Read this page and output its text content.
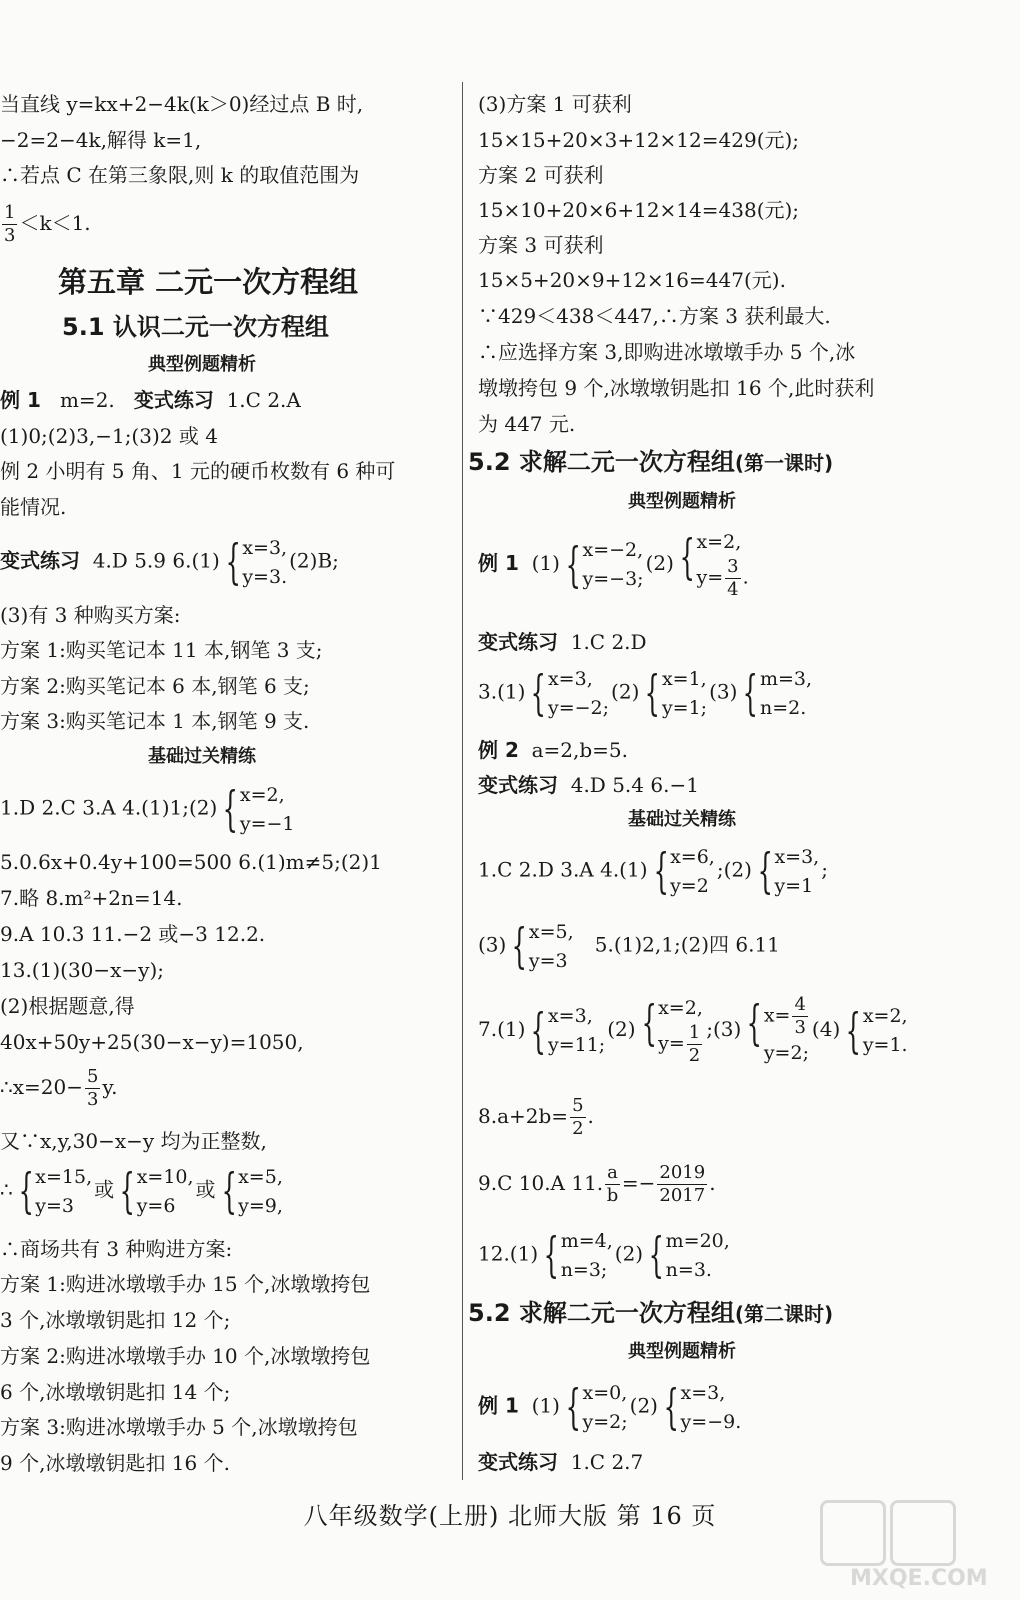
当直线 y=kx+2−4k(k＞0)经过点 B 时,
−2=2−4k,解得 k=1,
∴若点 C 在第三象限,则 k 的取值范围为
$\frac{1}{3} <k<1$.
第五章 二元一次方程组
5.1 认识二元一次方程组
典型例题精析
例 1 m=2. 变式练习 1.C 2.A
(1)0;(2)3,−1;(3)2 或 4
例 2 小明有 5 角、1 元的硬币枚数有 6 种可
能情况.
变式练习 4.D 5.9 6.(1) { x=3,
y=3.
(2)B;
(3)有 3 种购买方案:
方案 1:购买笔记本 11 本,钢笔 3 支;
方案 2:购买笔记本 6 本,钢笔 6 支;
方案 3:购买笔记本 1 本,钢笔 9 支.
基础过关精练
1.D 2.C 3.A 4.(1)1;(2) { x=2,
y=−1
5.0.6x+0.4y+100=500 6.(1)m≠5;(2)1
7.略 8.m²+2n=14.
9.A 10.3 11.−2 或−3 12.2.
13.(1)(30−x−y);
(2)根据题意,得
40x+50y+25(30−x−y)=1050,
∴x=20− $\frac{5}{3} y$.
又∵x,y,30−x−y 均为正整数,
∴ { x=15,
y=3
或 { x=10,
y=6
或 { x=5,
y=9,
∴商场共有 3 种购进方案:
方案 1:购进冰墩墩手办 15 个,冰墩墩挎包
3 个,冰墩墩钥匙扣 12 个;
方案 2:购进冰墩墩手办 10 个,冰墩墩挎包
6 个,冰墩墩钥匙扣 14 个;
方案 3:购进冰墩墩手办 5 个,冰墩墩挎包
9 个,冰墩墩钥匙扣 16 个.
(3)方案 1 可获利
15×15+20×3+12×12=429(元);
方案 2 可获利
15×10+20×6+12×14=438(元);
方案 3 可获利
15×5+20×9+12×16=447(元).
∵429＜438＜447,∴方案 3 获利最大.
∴应选择方案 3,即购进冰墩墩手办 5 个,冰
墩墩挎包 9 个,冰墩墩钥匙扣 16 个,此时获利
为 447 元.
5.2 求解二元一次方程组(第一课时)
典型例题精析
例 1 (1) { x=−2,
y=−3;
(2) { x=2,
$y= \frac{3}{4}$ .
变式练习 1.C 2.D
3.(1) { x=3,
y=−2;
(2) { x=1,
y=1;
(3) { m=3,
n=2.
例 2 a=2,b=5.
变式练习 4.D 5.4 6.−1
基础过关精练
1.C 2.D 3.A 4.(1) { x=6,
y=2
;(2) { x=3,
y=1
;
(3) { x=5,
y=3
5.(1)2,1;(2)四 6.11
7.(1) { x=3,
y=11;
(2) { x=2,
$y= \frac{1}{2}$ ;(3) { $x= \frac{4}{3}$
y=2;
(4) { x=2,
y=1.
$8.a+2b= \frac{5}{2}$ .
9.C 10.A 11. $\frac{a}{b} =- \frac{2019}{2017}$ .
12.(1) { m=4,
n=3;
(2) { m=20,
n=3.
5.2 求解二元一次方程组(第二课时)
典型例题精析
例 1 (1) { x=0,
y=2;
(2) { x=3,
y=−9.
变式练习 1.C 2.7
八年级数学(上册) 北师大版 第 16 页
MXQE.COM
